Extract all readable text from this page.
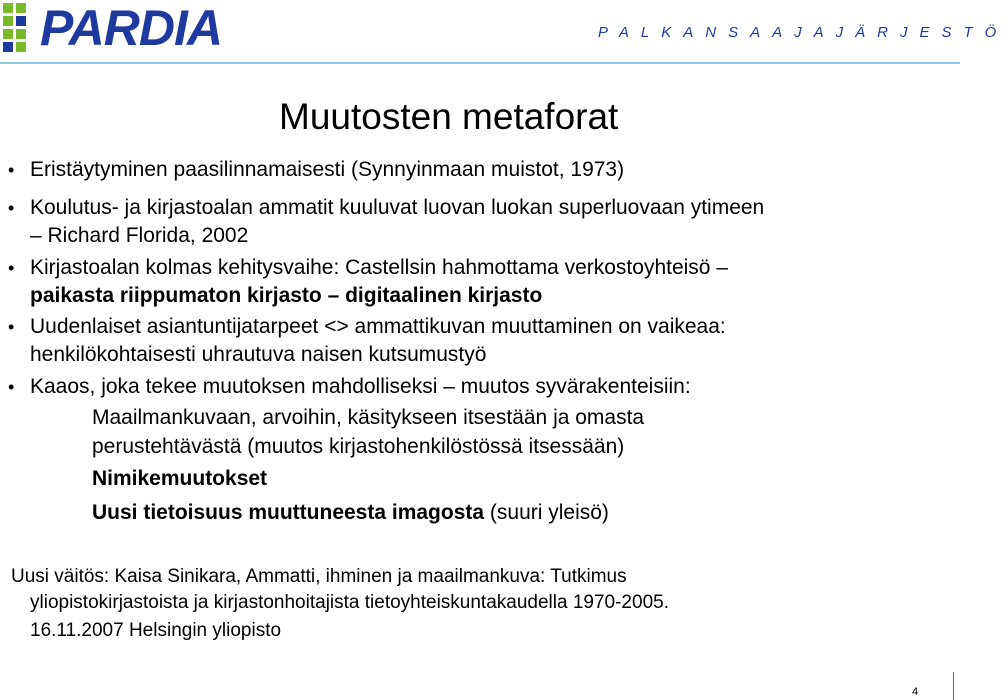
PARDIA	PALKANSAAJAJÄRJESTÖ
Muutosten metaforat
• Eristäytyminen paasilinnamaisesti (Synnyinmaan muistot, 1973)
• Koulutus- ja kirjastoalan ammatit kuuluvat luovan luokan superluovaan ytimeen
– Richard Florida, 2002
• Kirjastoalan kolmas kehitysvaihe: Castellsin hahmottama verkostoyhteisö –
paikasta riippumaton kirjasto – digitaalinen kirjasto
• Uudenlaiset asiantuntijatarpeet <> ammattikuvan muuttaminen on vaikeaa:
henkilökohtaisesti uhrautuva naisen kutsumustyö
• Kaaos, joka tekee muutoksen mahdolliseksi – muutos syvärakenteisiin:
Maailmankuvaan, arvoihin, käsitykseen itsestään ja omasta
perustehtävästä (muutos kirjastohenkilöstössä itsessään)
Nimikemuutokset
Uusi tietoisuus muuttuneesta imagosta (suuri yleisö)
Uusi väitös: Kaisa Sinikara, Ammatti, ihminen ja maailmankuva: Tutkimus
yliopistokirjastoista ja kirjastonhoitajista tietoyhteiskuntakaudella 1970-2005.
16.11.2007 Helsingin yliopisto
4
